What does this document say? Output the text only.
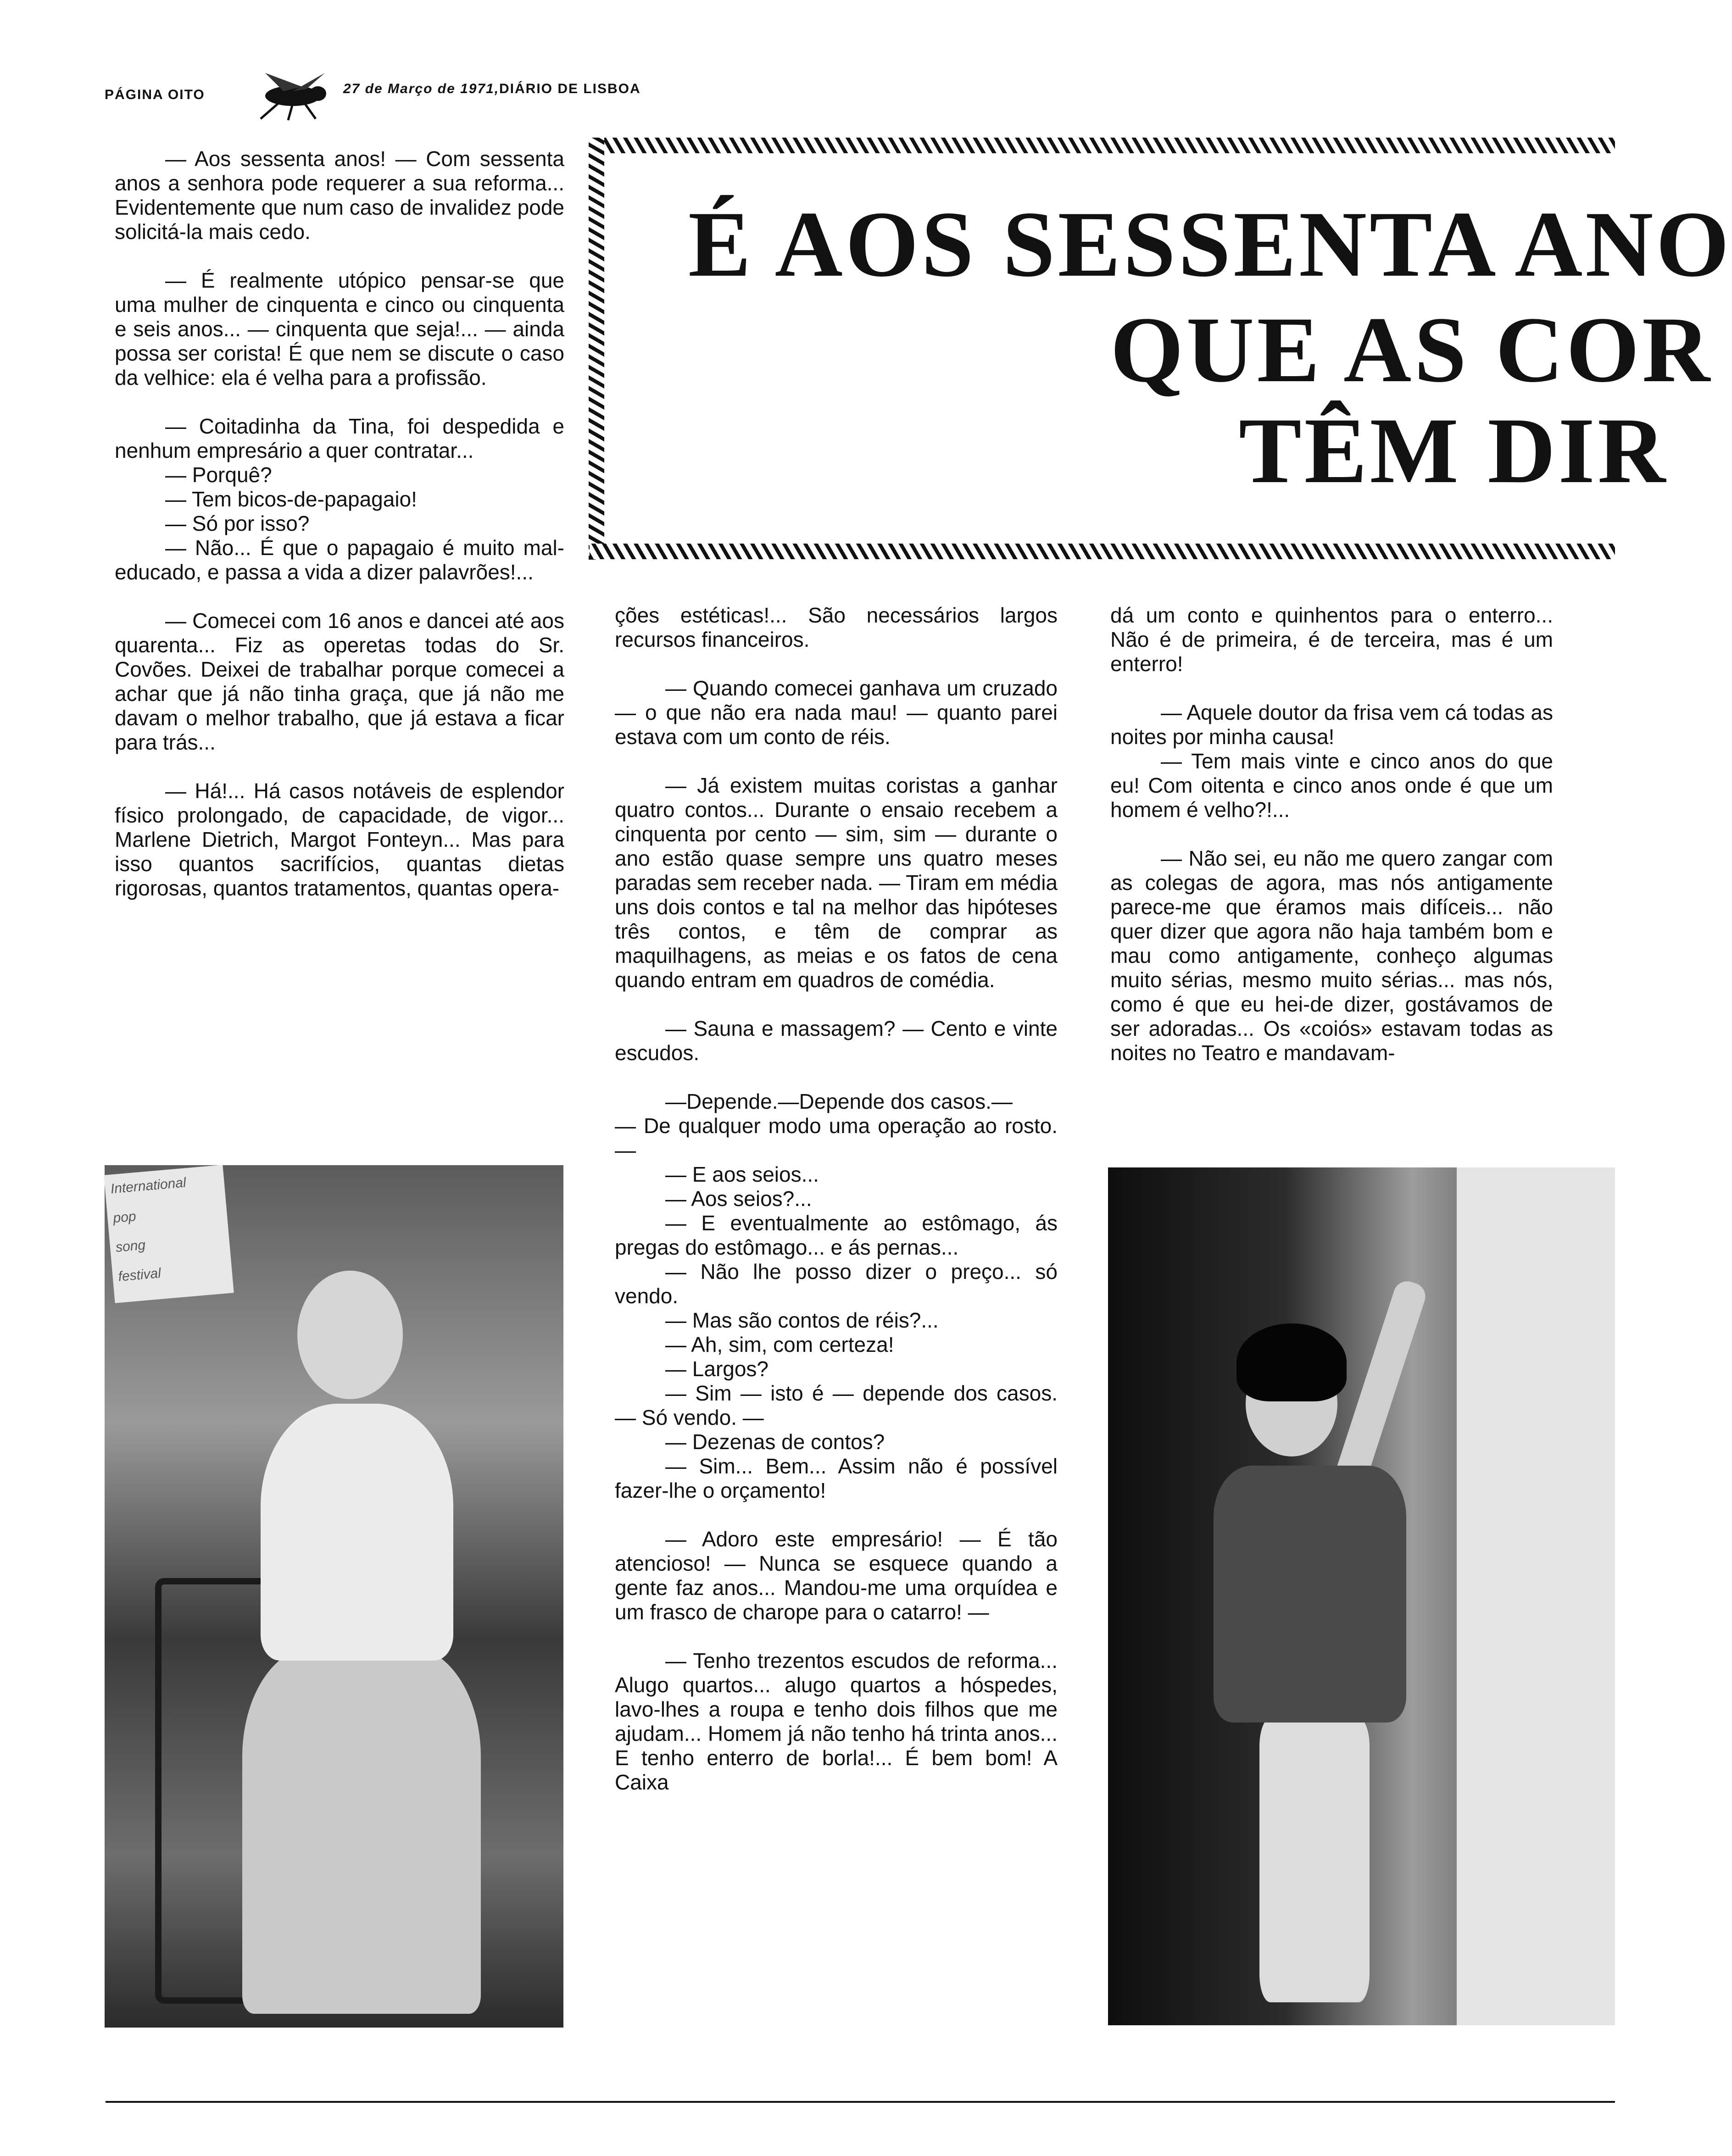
PÁGINA OITO	27 de Março de 1971, DIÁRIO DE LISBOA

— Aos sessenta anos! — Com sessenta anos a senhora pode requerer a sua reforma... Evidentemente que num caso de invalidez pode solicitá-la mais cedo.

— É realmente utópico pensar-se que uma mulher de cinquenta e cinco ou cinquenta e seis anos... — cinquenta que seja!... — ainda possa ser corista! É que nem se discute o caso da velhice: ela é velha para a profissão.

— Coitadinha da Tina, foi despedida e nenhum empresário a quer contratar...

— Porquê?

— Tem bicos-de-papagaio!

— Só por isso?

— Não... É que o papagaio é muito mal-educado, e passa a vida a dizer palavrões!...

— Comecei com 16 anos e dancei até aos quarenta... Fiz as operetas todas do Sr. Covões. Deixei de trabalhar porque comecei a achar que já não tinha graça, que já não me davam o melhor trabalho, que já estava a ficar para trás...

— Há!... Há casos notáveis de esplendor físico prolongado, de capacidade, de vigor... Marlene Dietrich, Margot Fonteyn... Mas para isso quantos sacrifícios, quantas dietas rigorosas, quantos tratamentos, quantas opera-

É AOS SESSENTA ANO
QUE AS COR
TÊM DIR

ções estéticas!... São necessários largos recursos financeiros.

— Quando comecei ganhava um cruzado — o que não era nada mau! — quanto parei estava com um conto de réis.

— Já existem muitas coristas a ganhar quatro contos... Durante o ensaio recebem a cinquenta por cento — sim, sim — durante o ano estão quase sempre uns quatro meses paradas sem receber nada. — Tiram em média uns dois contos e tal na melhor das hipóteses três contos, e têm de comprar as maquilhagens, as meias e os fatos de cena quando entram em quadros de comédia.

— Sauna e massagem? — Cento e vinte escudos.

—Depende.—Depende dos casos.—

— De qualquer modo uma operação ao rosto. —

— E aos seios...

— Aos seios?...

— E eventualmente ao estômago, ás pregas do estômago... e ás pernas...

— Não lhe posso dizer o preço... só vendo.

— Mas são contos de réis?...

— Ah, sim, com certeza!

— Largos?

— Sim — isto é — depende dos casos. — Só vendo. —

— Dezenas de contos?

— Sim... Bem... Assim não é possível fazer-lhe o orçamento!

— Adoro este empresário! — É tão atencioso! — Nunca se esquece quando a gente faz anos... Mandou-me uma orquídea e um frasco de charope para o catarro! —

— Tenho trezentos escudos de reforma... Alugo quartos... alugo quartos a hóspedes, lavo-lhes a roupa e tenho dois filhos que me ajudam... Homem já não tenho há trinta anos... E tenho enterro de borla!... É bem bom! A Caixa

dá um conto e quinhentos para o enterro... Não é de primeira, é de terceira, mas é um enterro!

— Aquele doutor da frisa vem cá todas as noites por minha causa!

— Tem mais vinte e cinco anos do que eu! Com oitenta e cinco anos onde é que um homem é velho?!...

— Não sei, eu não me quero zangar com as colegas de agora, mas nós antigamente parece-me que éramos mais difíceis... não quer dizer que agora não haja também bom e mau como antigamente, conheço algumas muito sérias, mesmo muito sérias... mas nós, como é que eu hei-de dizer, gostávamos de ser adoradas... Os «coiós» estavam todas as noites no Teatro e mandavam-

International
pop
song
festival
